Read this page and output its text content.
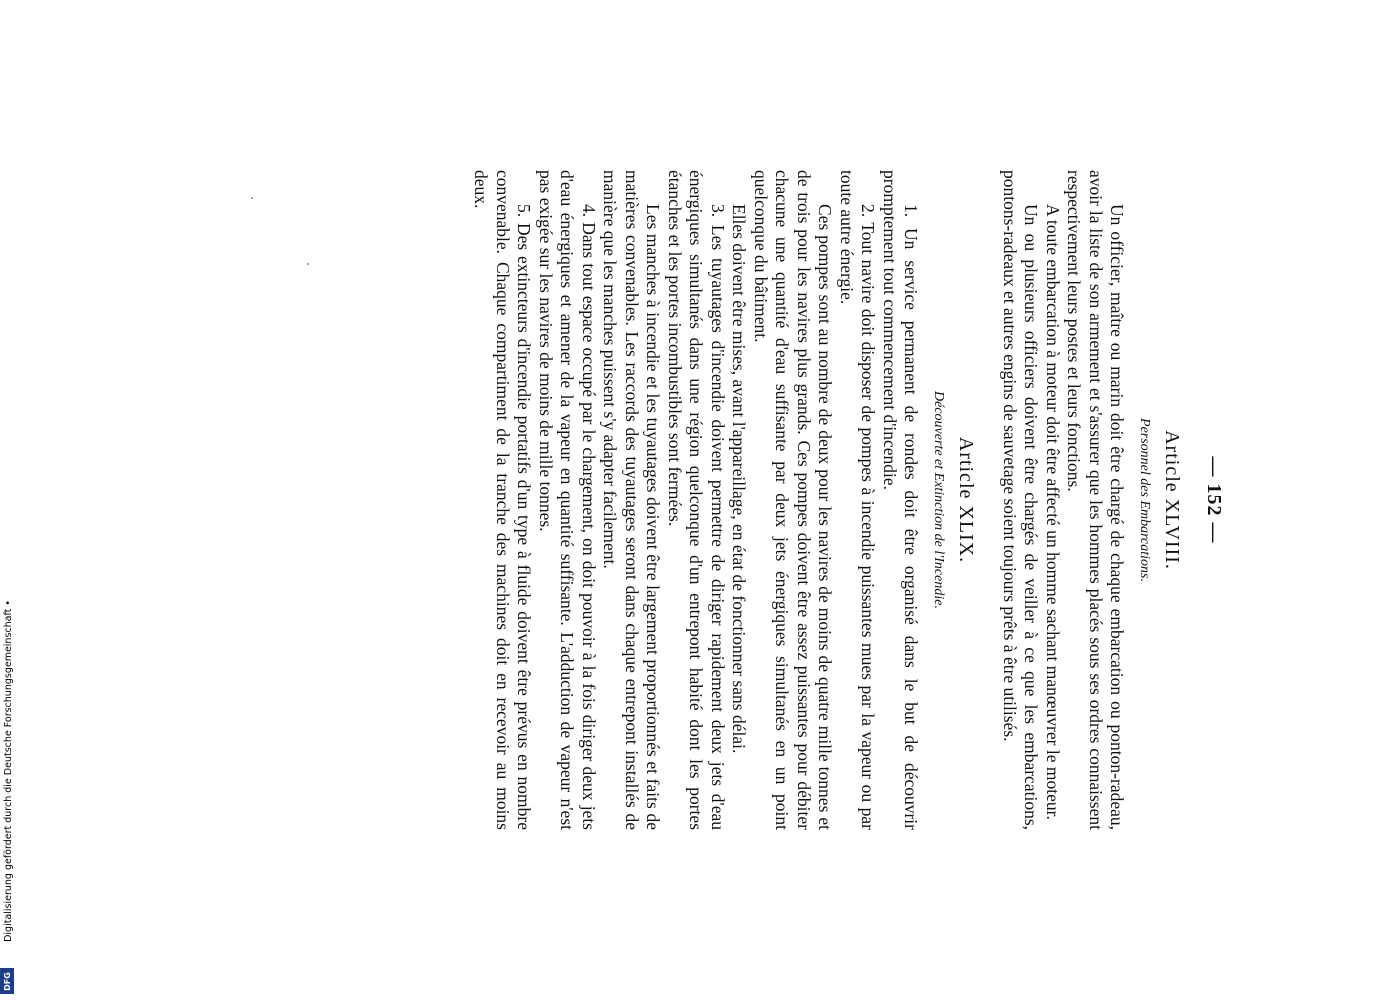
— 152 —
Article XLVIII.
Personnel des Embarcations.

Un officier, maître ou marin doit être chargé de chaque embarcation ou ponton-radeau, avoir la liste de son armement et s'assurer que les hommes placés sous ses ordres connaissent respectivement leurs postes et leurs fonctions.

A toute embarcation à moteur doit être affecté un homme sachant manœuvrer le moteur.

Un ou plusieurs officiers doivent être chargés de veiller à ce que les embarcations, pontons-radeaux et autres engins de sauvetage soient toujours prêts à être utilisés.

Article XLIX.
Découverte et Extinction de l'Incendie.

1. Un service permanent de rondes doit être organisé dans le but de découvrir promptement tout commencement d'incendie.

2. Tout navire doit disposer de pompes à incendie puissantes mues par la vapeur ou par toute autre énergie.

Ces pompes sont au nombre de deux pour les navires de moins de quatre mille tonnes et de trois pour les navires plus grands. Ces pompes doivent être assez puissantes pour débiter chacune une quantité d'eau suffisante par deux jets énergiques simultanés en un point quelconque du bâtiment.

Elles doivent être mises, avant l'appareillage, en état de fonctionner sans délai.

3. Les tuyautages d'incendie doivent permettre de diriger rapidement deux jets d'eau énergiques simultanés dans une région quelconque d'un entrepont habité dont les portes étanches et les portes incombustibles sont fermées.

Les manches à incendie et les tuyautages doivent être largement proportionnés et faits de matières convenables. Les raccords des tuyautages seront dans chaque entrepont installés de manière que les manches puissent s'y adapter facilement.

4. Dans tout espace occupé par le chargement, on doit pouvoir à la fois diriger deux jets d'eau énergiques et amener de la vapeur en quantité suffisante. L'adduction de vapeur n'est pas exigée sur les navires de moins de mille tonnes.

5. Des extincteurs d'incendie portatifs d'un type à fluide doivent être prévus en nombre convenable. Chaque compartiment de la tranche des machines doit en recevoir au moins deux.

Digitalisierung gefördert durch die Deutsche Forschungsgemeinschaft •
DFG
